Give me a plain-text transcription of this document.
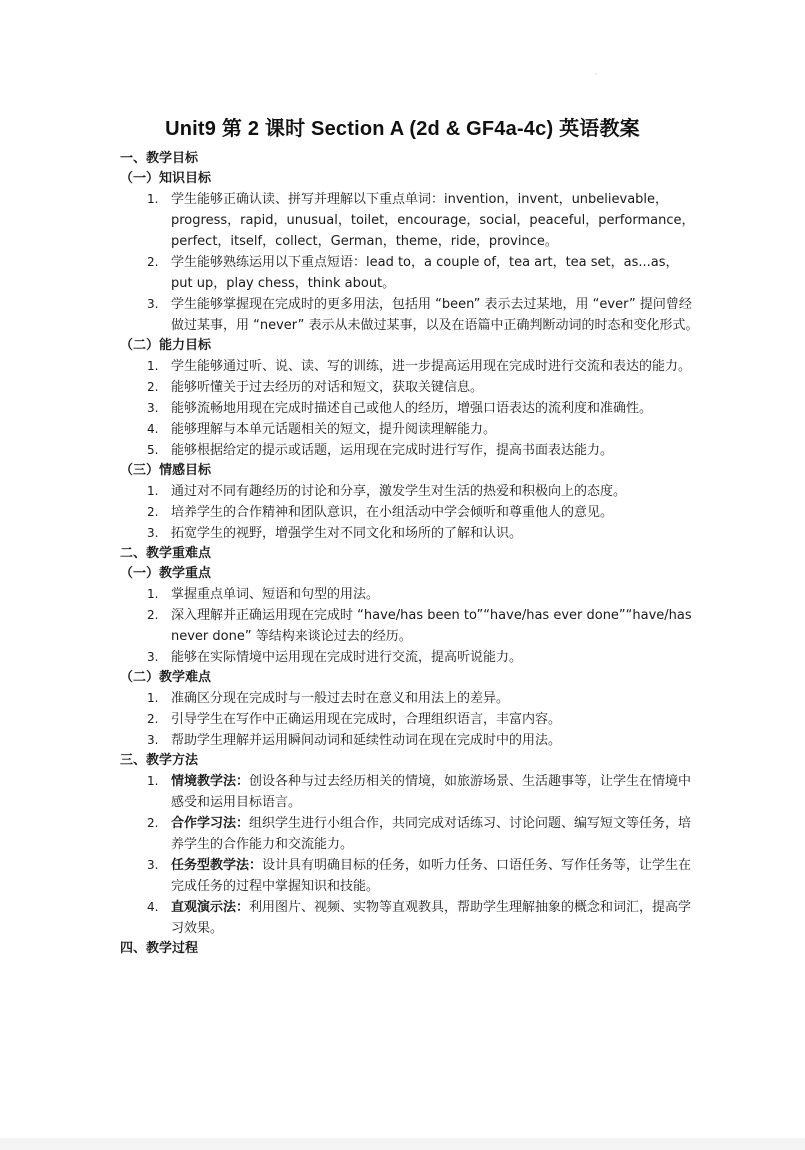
'
Unit9 第 2 课时 Section A (2d & GF4a-4c) 英语教案
一、教学目标
（一）知识目标
1. 学生能够正确认读、拼写并理解以下重点单词：invention，invent，unbelievable，progress，rapid，unusual，toilet，encourage，social，peaceful，performance，perfect，itself，collect，German，theme，ride，province。
2. 学生能够熟练运用以下重点短语：lead to，a couple of，tea art，tea set，as...as，put up，play chess，think about。
3. 学生能够掌握现在完成时的更多用法，包括用 “been” 表示去过某地，用 “ever” 提问曾经做过某事，用 “never” 表示从未做过某事，以及在语篇中正确判断动词的时态和变化形式。
（二）能力目标
1. 学生能够通过听、说、读、写的训练，进一步提高运用现在完成时进行交流和表达的能力。
2. 能够听懂关于过去经历的对话和短文，获取关键信息。
3. 能够流畅地用现在完成时描述自己或他人的经历，增强口语表达的流利度和准确性。
4. 能够理解与本单元话题相关的短文，提升阅读理解能力。
5. 能够根据给定的提示或话题，运用现在完成时进行写作，提高书面表达能力。
（三）情感目标
1. 通过对不同有趣经历的讨论和分享，激发学生对生活的热爱和积极向上的态度。
2. 培养学生的合作精神和团队意识，在小组活动中学会倾听和尊重他人的意见。
3. 拓宽学生的视野，增强学生对不同文化和场所的了解和认识。
二、教学重难点
（一）教学重点
1. 掌握重点单词、短语和句型的用法。
2. 深入理解并正确运用现在完成时 “have/has been to”“have/has ever done”“have/has never done” 等结构来谈论过去的经历。
3. 能够在实际情境中运用现在完成时进行交流，提高听说能力。
（二）教学难点
1. 准确区分现在完成时与一般过去时在意义和用法上的差异。
2. 引导学生在写作中正确运用现在完成时，合理组织语言，丰富内容。
3. 帮助学生理解并运用瞬间动词和延续性动词在现在完成时中的用法。
三、教学方法
1. 情境教学法：创设各种与过去经历相关的情境，如旅游场景、生活趣事等，让学生在情境中感受和运用目标语言。
2. 合作学习法：组织学生进行小组合作，共同完成对话练习、讨论问题、编写短文等任务，培养学生的合作能力和交流能力。
3. 任务型教学法：设计具有明确目标的任务，如听力任务、口语任务、写作任务等，让学生在完成任务的过程中掌握知识和技能。
4. 直观演示法：利用图片、视频、实物等直观教具，帮助学生理解抽象的概念和词汇，提高学习效果。
四、教学过程
